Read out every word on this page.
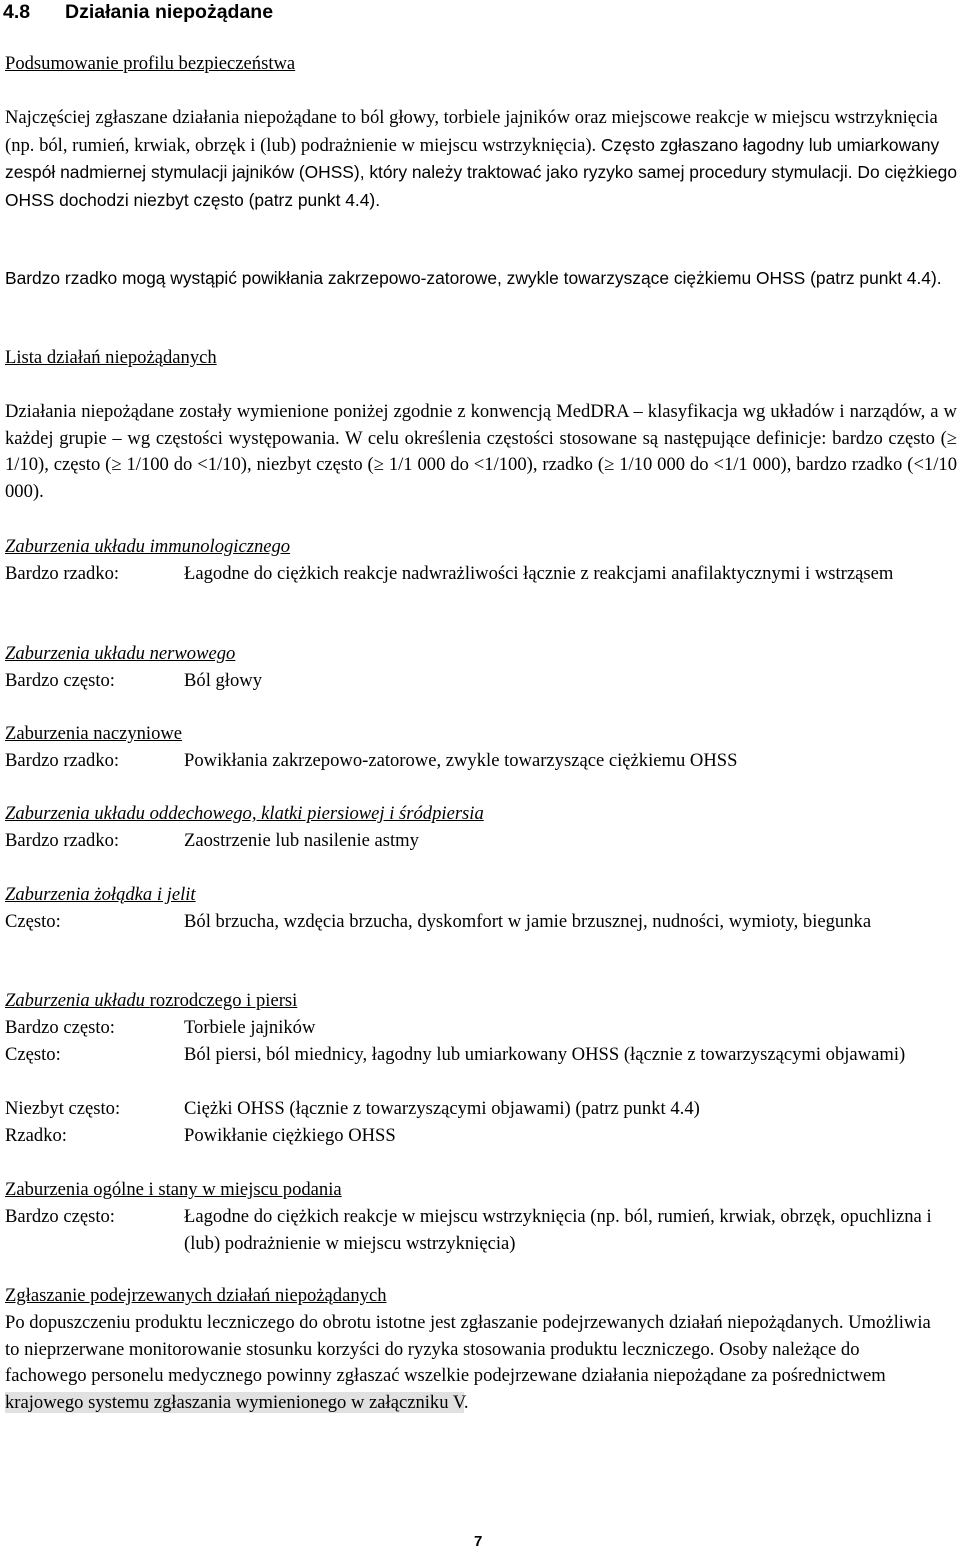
4.8 Działania niepożądane
Podsumowanie profilu bezpieczeństwa
Najczęściej zgłaszane działania niepożądane to ból głowy, torbiele jajników oraz miejscowe reakcje w miejscu wstrzyknięcia (np. ból, rumień, krwiak, obrzęk i (lub) podrażnienie w miejscu wstrzyknięcia). Często zgłaszano łagodny lub umiarkowany zespół nadmiernej stymulacji jajników (OHSS), który należy traktować jako ryzyko samej procedury stymulacji. Do ciężkiego OHSS dochodzi niezbyt często (patrz punkt 4.4).
Bardzo rzadko mogą wystąpić powikłania zakrzepowo-zatorowe, zwykle towarzyszące ciężkiemu OHSS (patrz punkt 4.4).
Lista działań niepożądanych
Działania niepożądane zostały wymienione poniżej zgodnie z konwencją MedDRA – klasyfikacja wg układów i narządów, a w każdej grupie – wg częstości występowania. W celu określenia częstości stosowane są następujące definicje: bardzo często (≥ 1/10), często (≥ 1/100 do <1/10), niezbyt często (≥ 1/1 000 do <1/100), rzadko (≥ 1/10 000 do <1/1 000), bardzo rzadko (<1/10 000).
Zaburzenia układu immunologicznego
Bardzo rzadko:	Łagodne do ciężkich reakcje nadwrażliwości łącznie z reakcjami anafilaktycznymi i wstrząsem
Zaburzenia układu nerwowego
Bardzo często:	Ból głowy
Zaburzenia naczyniowe
Bardzo rzadko:	Powikłania zakrzepowo-zatorowe, zwykle towarzyszące ciężkiemu OHSS
Zaburzenia układu oddechowego, klatki piersiowej i śródpiersia
Bardzo rzadko:	Zaostrzenie lub nasilenie astmy
Zaburzenia żołądka i jelit
Często:	Ból brzucha, wzdęcia brzucha, dyskomfort w jamie brzusznej, nudności, wymioty, biegunka
Zaburzenia układu rozrodczego i piersi
Bardzo często:	Torbiele jajników
Często:	Ból piersi, ból miednicy, łagodny lub umiarkowany OHSS (łącznie z towarzyszącymi objawami)
Niezbyt często:	Ciężki OHSS (łącznie z towarzyszącymi objawami) (patrz punkt 4.4)
Rzadko:	Powikłanie ciężkiego OHSS
Zaburzenia ogólne i stany w miejscu podania
Bardzo często:	Łagodne do ciężkich reakcje w miejscu wstrzyknięcia (np. ból, rumień, krwiak, obrzęk, opuchlizna i (lub) podrażnienie w miejscu wstrzyknięcia)
Zgłaszanie podejrzewanych działań niepożądanych
Po dopuszczeniu produktu leczniczego do obrotu istotne jest zgłaszanie podejrzewanych działań niepożądanych. Umożliwia to nieprzerwane monitorowanie stosunku korzyści do ryzyka stosowania produktu leczniczego. Osoby należące do fachowego personelu medycznego powinny zgłaszać wszelkie podejrzewane działania niepożądane za pośrednictwem krajowego systemu zgłaszania wymienionego w załączniku V.
7
